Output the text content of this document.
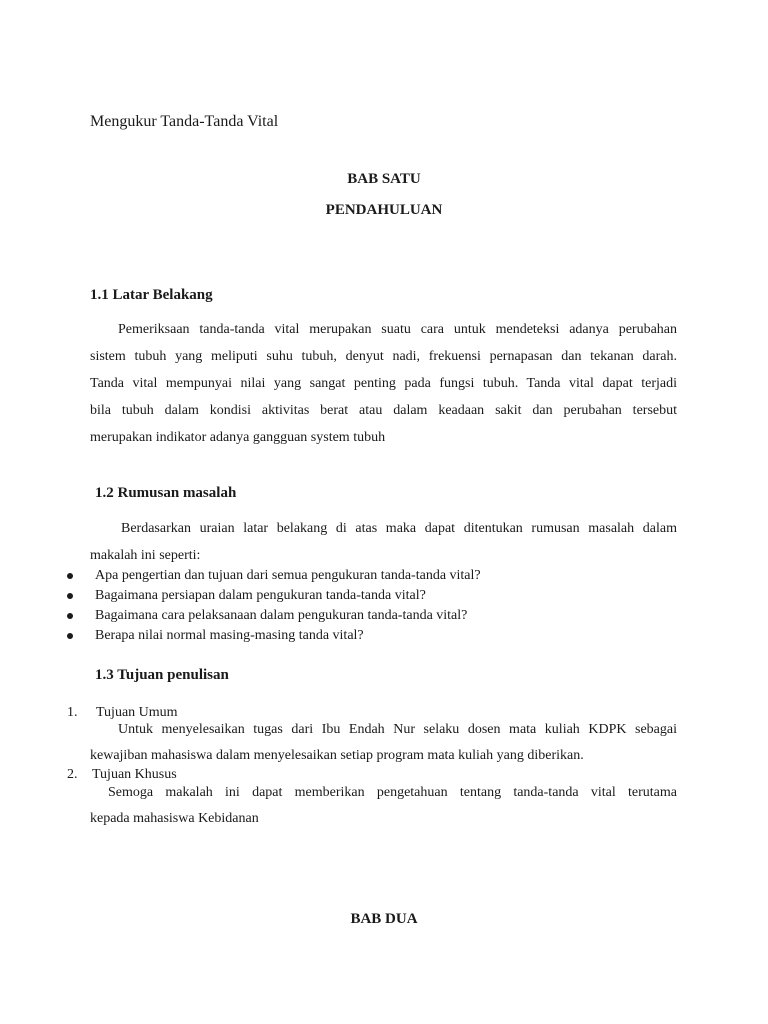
Mengukur Tanda-Tanda Vital
BAB SATU
PENDAHULUAN
1.1 Latar Belakang
Pemeriksaan tanda-tanda vital merupakan suatu cara untuk mendeteksi adanya perubahan
sistem tubuh yang meliputi suhu tubuh, denyut nadi, frekuensi pernapasan dan tekanan darah.
Tanda vital mempunyai nilai yang sangat penting pada fungsi tubuh. Tanda vital dapat terjadi
bila tubuh dalam kondisi aktivitas berat atau dalam keadaan sakit dan perubahan tersebut
merupakan indikator adanya gangguan system tubuh
1.2 Rumusan masalah
Berdasarkan uraian latar belakang di atas maka dapat ditentukan rumusan masalah dalam
makalah ini seperti:
Apa pengertian dan tujuan dari semua pengukuran tanda-tanda vital?
Bagaimana persiapan dalam pengukuran tanda-tanda vital?
Bagaimana cara pelaksanaan dalam pengukuran tanda-tanda vital?
Berapa nilai normal masing-masing tanda vital?
1.3 Tujuan penulisan
1. Tujuan Umum
Untuk menyelesaikan tugas dari Ibu Endah Nur selaku dosen mata kuliah KDPK sebagai
kewajiban mahasiswa dalam menyelesaikan setiap program mata kuliah yang diberikan.
2. Tujuan Khusus
Semoga makalah ini dapat memberikan pengetahuan tentang tanda-tanda vital terutama
kepada mahasiswa Kebidanan
BAB DUA
